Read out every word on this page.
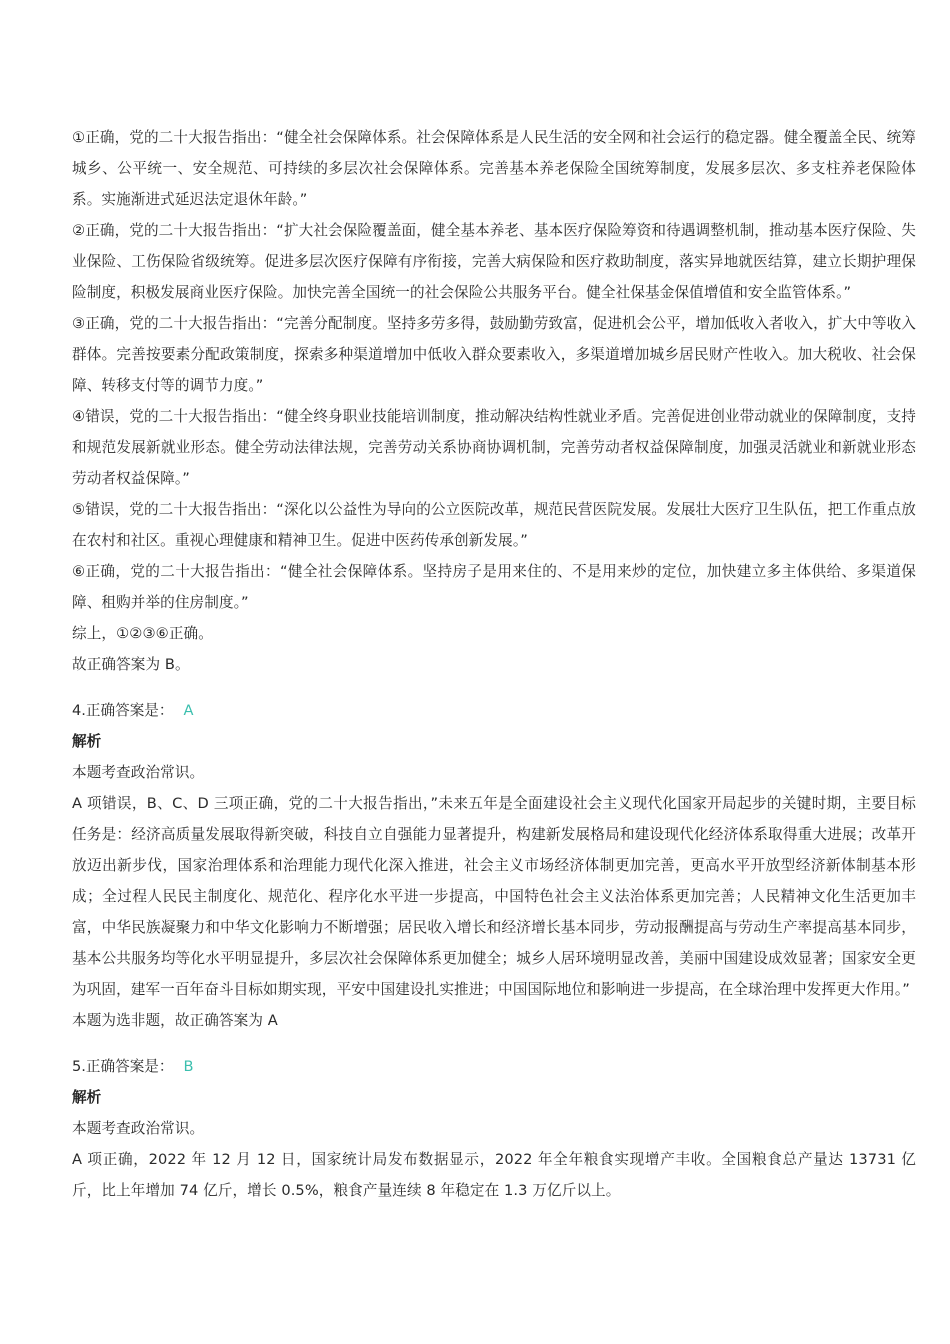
①正确，党的二十大报告指出：“健全社会保障体系。社会保障体系是人民生活的安全网和社会运行的稳定器。健全覆盖全民、统筹城乡、公平统一、安全规范、可持续的多层次社会保障体系。完善基本养老保险全国统筹制度，发展多层次、多支柱养老保险体系。实施渐进式延迟法定退休年龄。”

②正确，党的二十大报告指出：“扩大社会保险覆盖面，健全基本养老、基本医疗保险筹资和待遇调整机制，推动基本医疗保险、失业保险、工伤保险省级统筹。促进多层次医疗保障有序衔接，完善大病保险和医疗救助制度，落实异地就医结算，建立长期护理保险制度，积极发展商业医疗保险。加快完善全国统一的社会保险公共服务平台。健全社保基金保值增值和安全监管体系。”

③正确，党的二十大报告指出：“完善分配制度。坚持多劳多得，鼓励勤劳致富，促进机会公平，增加低收入者收入，扩大中等收入群体。完善按要素分配政策制度，探索多种渠道增加中低收入群众要素收入，多渠道增加城乡居民财产性收入。加大税收、社会保障、转移支付等的调节力度。”

④错误，党的二十大报告指出：“健全终身职业技能培训制度，推动解决结构性就业矛盾。完善促进创业带动就业的保障制度，支持和规范发展新就业形态。健全劳动法律法规，完善劳动关系协商协调机制，完善劳动者权益保障制度，加强灵活就业和新就业形态劳动者权益保障。”

⑤错误，党的二十大报告指出：“深化以公益性为导向的公立医院改革，规范民营医院发展。发展壮大医疗卫生队伍，把工作重点放在农村和社区。重视心理健康和精神卫生。促进中医药传承创新发展。”

⑥正确，党的二十大报告指出：“健全社会保障体系。坚持房子是用来住的、不是用来炒的定位，加快建立多主体供给、多渠道保障、租购并举的住房制度。”

综上，①②③⑥正确。

故正确答案为 B。

4.正确答案是： A

解析

本题考查政治常识。

A 项错误，B、C、D 三项正确，党的二十大报告指出，”未来五年是全面建设社会主义现代化国家开局起步的关键时期，主要目标任务是：经济高质量发展取得新突破，科技自立自强能力显著提升，构建新发展格局和建设现代化经济体系取得重大进展；改革开放迈出新步伐，国家治理体系和治理能力现代化深入推进，社会主义市场经济体制更加完善，更高水平开放型经济新体制基本形成；全过程人民民主制度化、规范化、程序化水平进一步提高，中国特色社会主义法治体系更加完善；人民精神文化生活更加丰富，中华民族凝聚力和中华文化影响力不断增强；居民收入增长和经济增长基本同步，劳动报酬提高与劳动生产率提高基本同步，基本公共服务均等化水平明显提升，多层次社会保障体系更加健全；城乡人居环境明显改善，美丽中国建设成效显著；国家安全更为巩固，建军一百年奋斗目标如期实现，平安中国建设扎实推进；中国国际地位和影响进一步提高，在全球治理中发挥更大作用。”

本题为选非题，故正确答案为 A

5.正确答案是： B

解析

本题考查政治常识。

A 项正确，2022 年 12 月 12 日，国家统计局发布数据显示，2022 年全年粮食实现增产丰收。全国粮食总产量达 13731 亿斤，比上年增加 74 亿斤，增长 0.5%，粮食产量连续 8 年稳定在 1.3 万亿斤以上。
